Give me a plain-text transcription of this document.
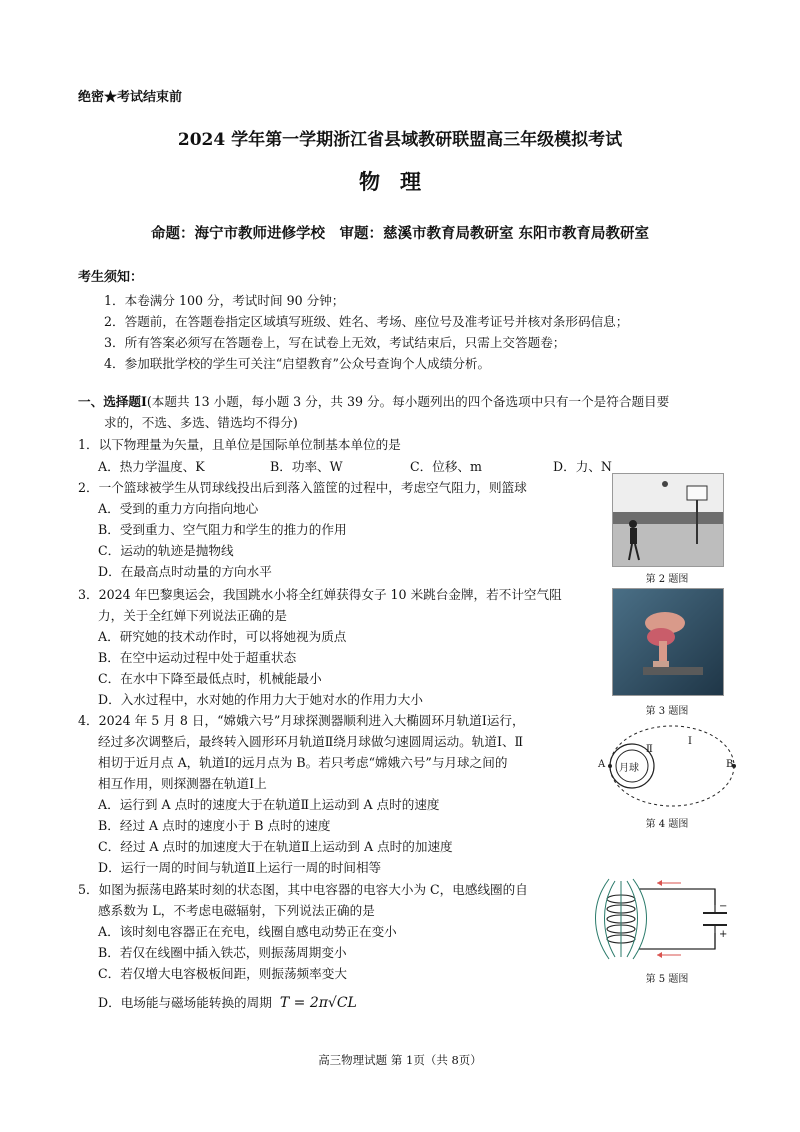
绝密★考试结束前
2024 学年第一学期浙江省县域教研联盟高三年级模拟考试
物理
命题：海宁市教师进修学校　审题：慈溪市教育局教研室 东阳市教育局教研室
考生须知：
1．本卷满分 100 分，考试时间 90 分钟；
2．答题前，在答题卷指定区域填写班级、姓名、考场、座位号及准考证号并核对条形码信息；
3．所有答案必须写在答题卷上，写在试卷上无效，考试结束后，只需上交答题卷；
4．参加联批学校的学生可关注“启望教育”公众号查询个人成绩分析。
一、选择题Ⅰ(本题共 13 小题，每小题 3 分，共 39 分。每小题列出的四个备选项中只有一个是符合题目要
求的，不选、多选、错选均不得分)
1．以下物理量为矢量，且单位是国际单位制基本单位的是
A．热力学温度、K	B．功率、W	C．位移、m	D．力、N
2．一个篮球被学生从罚球线投出后到落入篮筐的过程中，考虑空气阻力，则篮球
A．受到的重力方向指向地心
B．受到重力、空气阻力和学生的推力的作用
C．运动的轨迹是抛物线
D．在最高点时动量的方向水平
第 2 题图
3．2024 年巴黎奥运会，我国跳水小将全红婵获得女子 10 米跳台金牌，若不计空气阻
力，关于全红婵下列说法正确的是
A．研究她的技术动作时，可以将她视为质点
B．在空中运动过程中处于超重状态
C．在水中下降至最低点时，机械能最小
D．入水过程中，水对她的作用力大于她对水的作用力大小
第 3 题图
4．2024 年 5 月 8 日，“嫦娥六号”月球探测器顺利进入大椭圆环月轨道Ⅰ运行，
经过多次调整后，最终转入圆形环月轨道Ⅱ绕月球做匀速圆周运动。轨道Ⅰ、Ⅱ
相切于近月点 A，轨道Ⅰ的远月点为 B。若只考虑“嫦娥六号”与月球之间的
相互作用，则探测器在轨道Ⅰ上
A．运行到 A 点时的速度大于在轨道Ⅱ上运动到 A 点时的速度
B．经过 A 点时的速度小于 B 点时的速度
C．经过 A 点时的加速度大于在轨道Ⅱ上运动到 A 点时的加速度
D．运行一周的时间与轨道Ⅱ上运行一周的时间相等
月球
A	B
Ⅰ
Ⅱ
第 4 题图
5．如图为振荡电路某时刻的状态图，其中电容器的电容大小为 C，电感线圈的自
感系数为 L，不考虑电磁辐射，下列说法正确的是
A．该时刻电容器正在充电，线圈自感电动势正在变小
B．若仅在线圈中插入铁芯，则振荡周期变小
C．若仅增大电容极板间距，则振荡频率变大
D．电场能与磁场能转换的周期 T = 2π√CL
−
+
第 5 题图
高三物理试题 第 1页（共 8页）
